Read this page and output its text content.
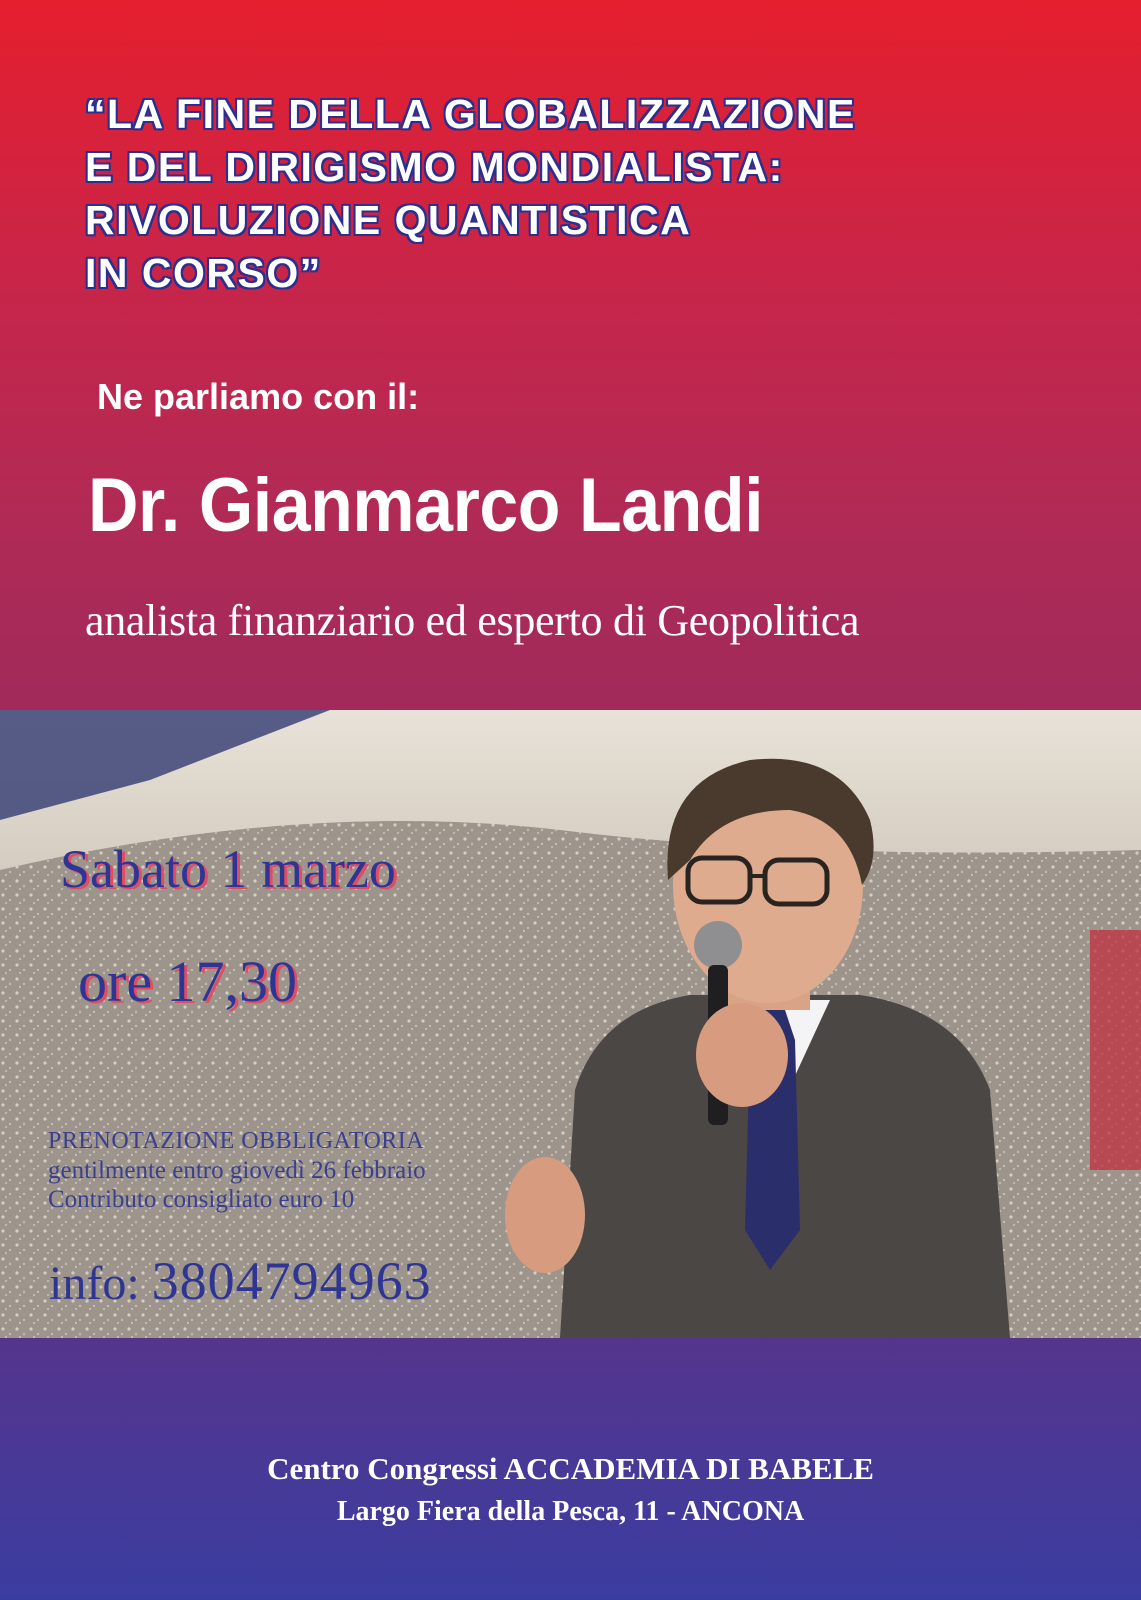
“LA FINE DELLA GLOBALIZZAZIONE
E DEL DIRIGISMO MONDIALISTA:
RIVOLUZIONE QUANTISTICA
IN CORSO”

Ne parliamo con il:

Dr. Gianmarco Landi

analista finanziario ed esperto di Geopolitica

Sabato 1 marzo

ore 17,30

PRENOTAZIONE OBBLIGATORIA
gentilmente entro giovedì 26 febbraio
Contributo consigliato euro 10

info: 3804794963

Centro Congressi ACCADEMIA DI BABELE

Largo Fiera della Pesca, 11 - ANCONA
